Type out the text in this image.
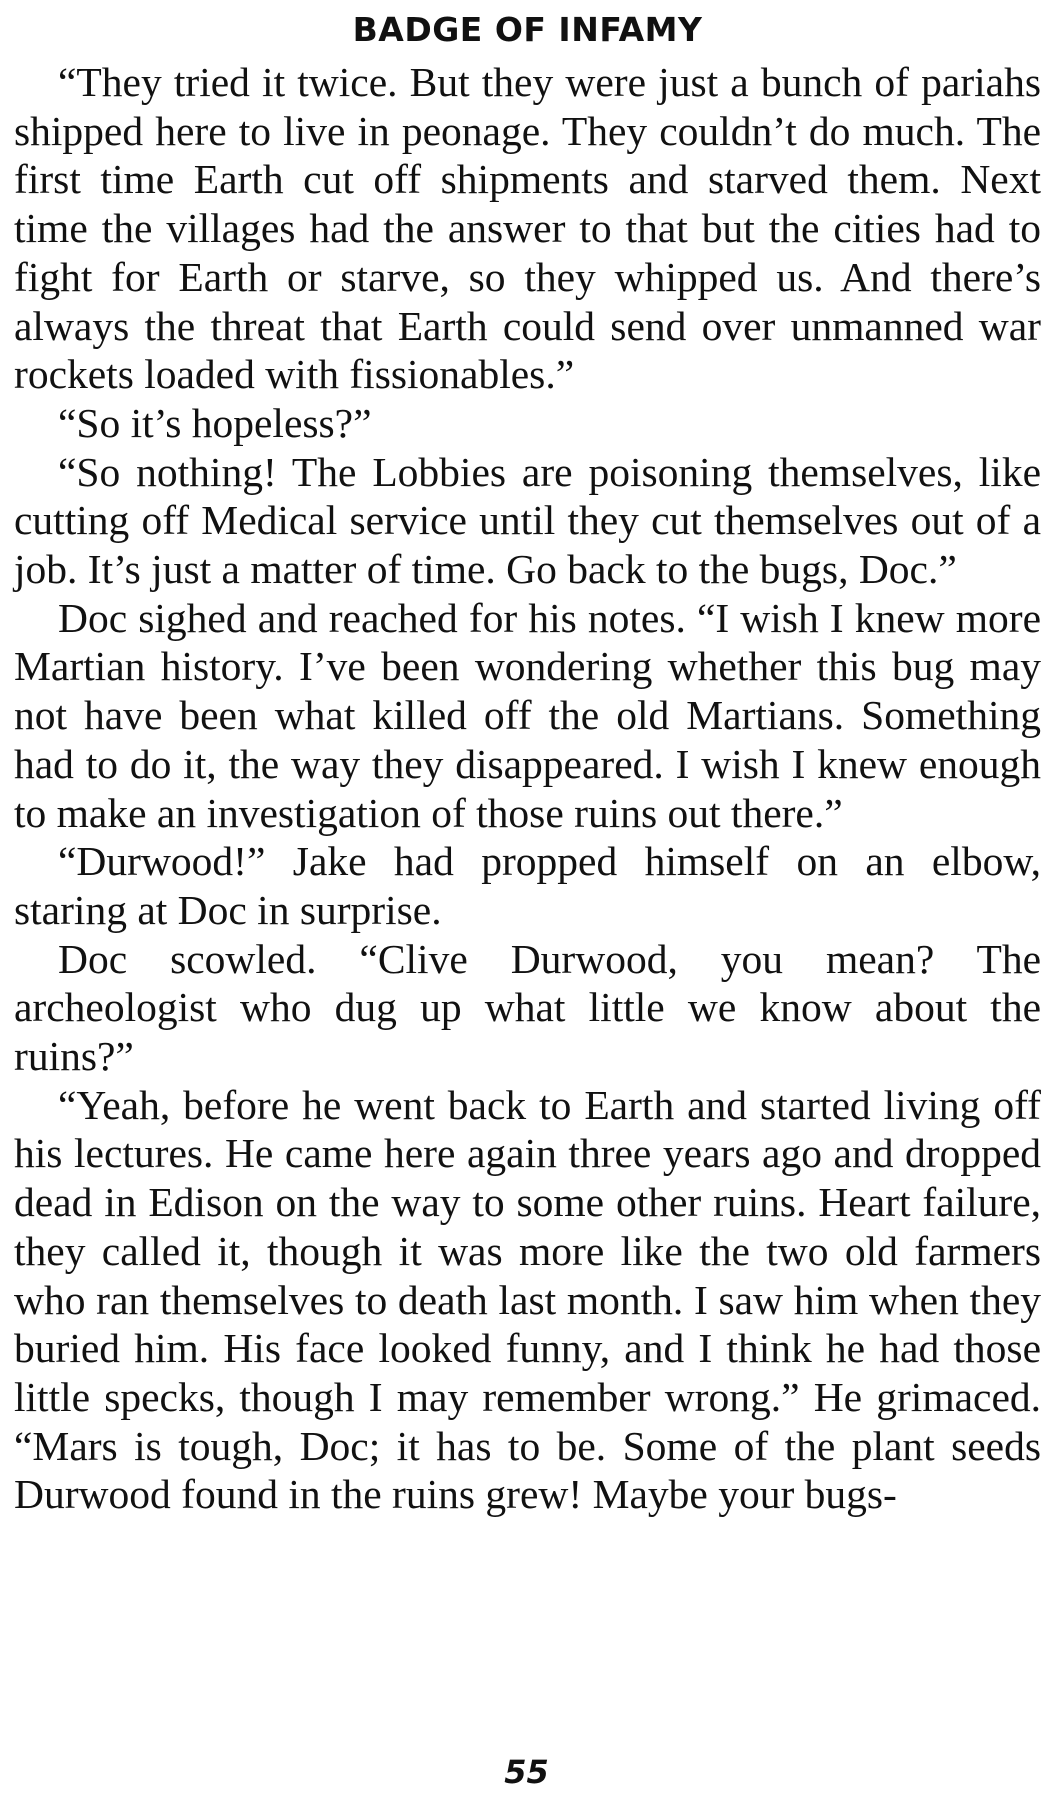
BADGE OF INFAMY

“They tried it twice. But they were just a bunch of pariahs shipped here to live in peonage. They couldn’t do much. The first time Earth cut off shipments and starved them. Next time the villages had the answer to that but the cities had to fight for Earth or starve, so they whipped us. And there’s always the threat that Earth could send over unmanned war rockets loaded with fissionables.”

“So it’s hopeless?”

“So nothing! The Lobbies are poisoning themselves, like cutting off Medical service until they cut themselves out of a job. It’s just a matter of time. Go back to the bugs, Doc.”

Doc sighed and reached for his notes. “I wish I knew more Martian history. I’ve been wondering whether this bug may not have been what killed off the old Martians. Something had to do it, the way they disappeared. I wish I knew enough to make an investigation of those ruins out there.”

“Durwood!” Jake had propped himself on an elbow, staring at Doc in surprise.

Doc scowled. “Clive Durwood, you mean? The archeologist who dug up what little we know about the ruins?”

“Yeah, before he went back to Earth and started living off his lectures. He came here again three years ago and dropped dead in Edison on the way to some other ruins. Heart failure, they called it, though it was more like the two old farmers who ran themselves to death last month. I saw him when they buried him. His face looked funny, and I think he had those little specks, though I may remember wrong.” He grimaced. “Mars is tough, Doc; it has to be. Some of the plant seeds Durwood found in the ruins grew! Maybe your bugs-

55
